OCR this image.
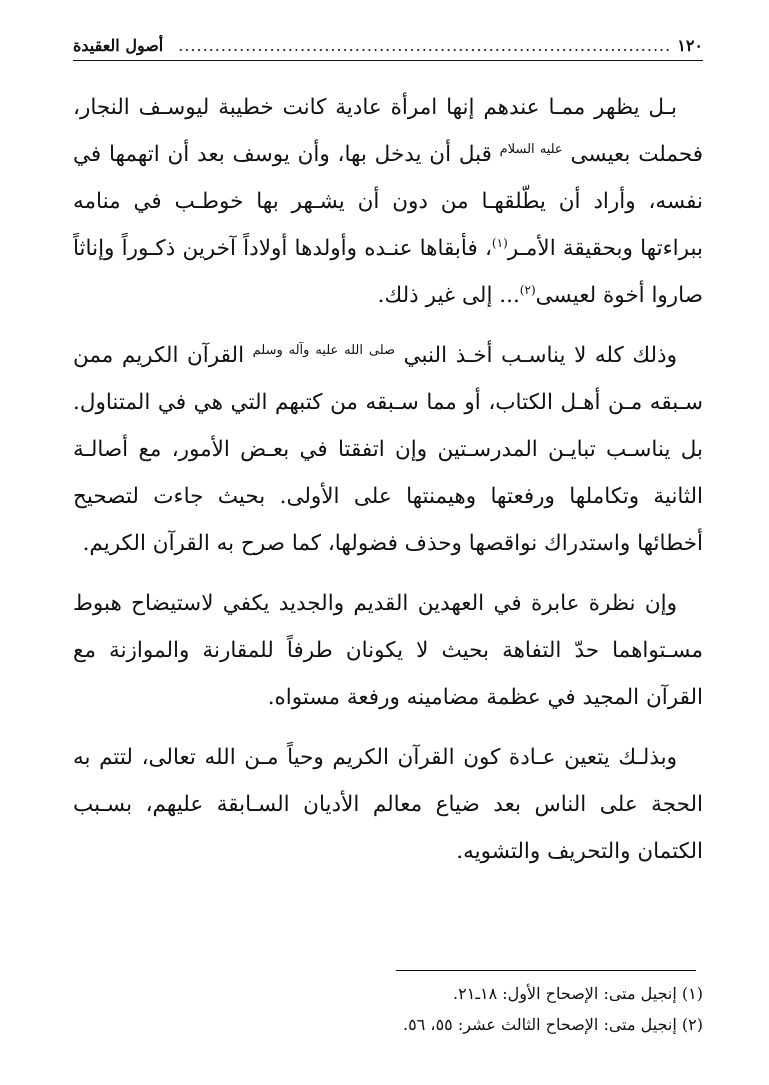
١٢٠
.................................................................................
أصول العقيدة

بـل يظهر ممـا عندهم إنها امرأة عادية كانت خطيبة ليوسـف النجار، فحملت بعيسى $^{عليه السلام}$ قبل أن يدخل بها، وأن يوسف بعد أن اتهمها في نفسه، وأراد أن يطّلقهـا من دون أن يشـهر بها خوطـب في منامه ببراءتها وبحقيقة الأمـر$^{(١)}$، فأبقاها عنـده وأولدها أولاداً آخرين ذكـوراً وإناثاً صاروا أخوة لعيسى$^{(٢)}$... إلى غير ذلك.

وذلك كله لا يناسـب أخـذ النبي $^{صلى الله عليه وآله وسلم}$ القرآن الكريم ممن سـبقه مـن أهـل الكتاب، أو مما سـبقه من كتبهم التي هي في المتناول. بل يناسـب تبايـن المدرسـتين وإن اتفقتا في بعـض الأمور، مع أصالـة الثانية وتكاملها ورفعتها وهيمنتها على الأولى. بحيث جاءت لتصحيح أخطائها واستدراك نواقصها وحذف فضولها، كما صرح به القرآن الكريم.

وإن نظرة عابرة في العهدين القديم والجديد يكفي لاستيضاح هبوط مسـتواهما حدّ التفاهة بحيث لا يكونان طرفاً للمقارنة والموازنة مع القرآن المجيد في عظمة مضامينه ورفعة مستواه.

وبذلـك يتعين عـادة كون القرآن الكريم وحياً مـن الله تعالى، لتتم به الحجة على الناس بعد ضياع معالم الأديان السـابقة عليهم، بسـبب الكتمان والتحريف والتشويه.

(١) إنجيل متى: الإصحاح الأول: ١٨ـ٢١.

(٢) إنجيل متى: الإصحاح الثالث عشر: ٥٥، ٥٦.
